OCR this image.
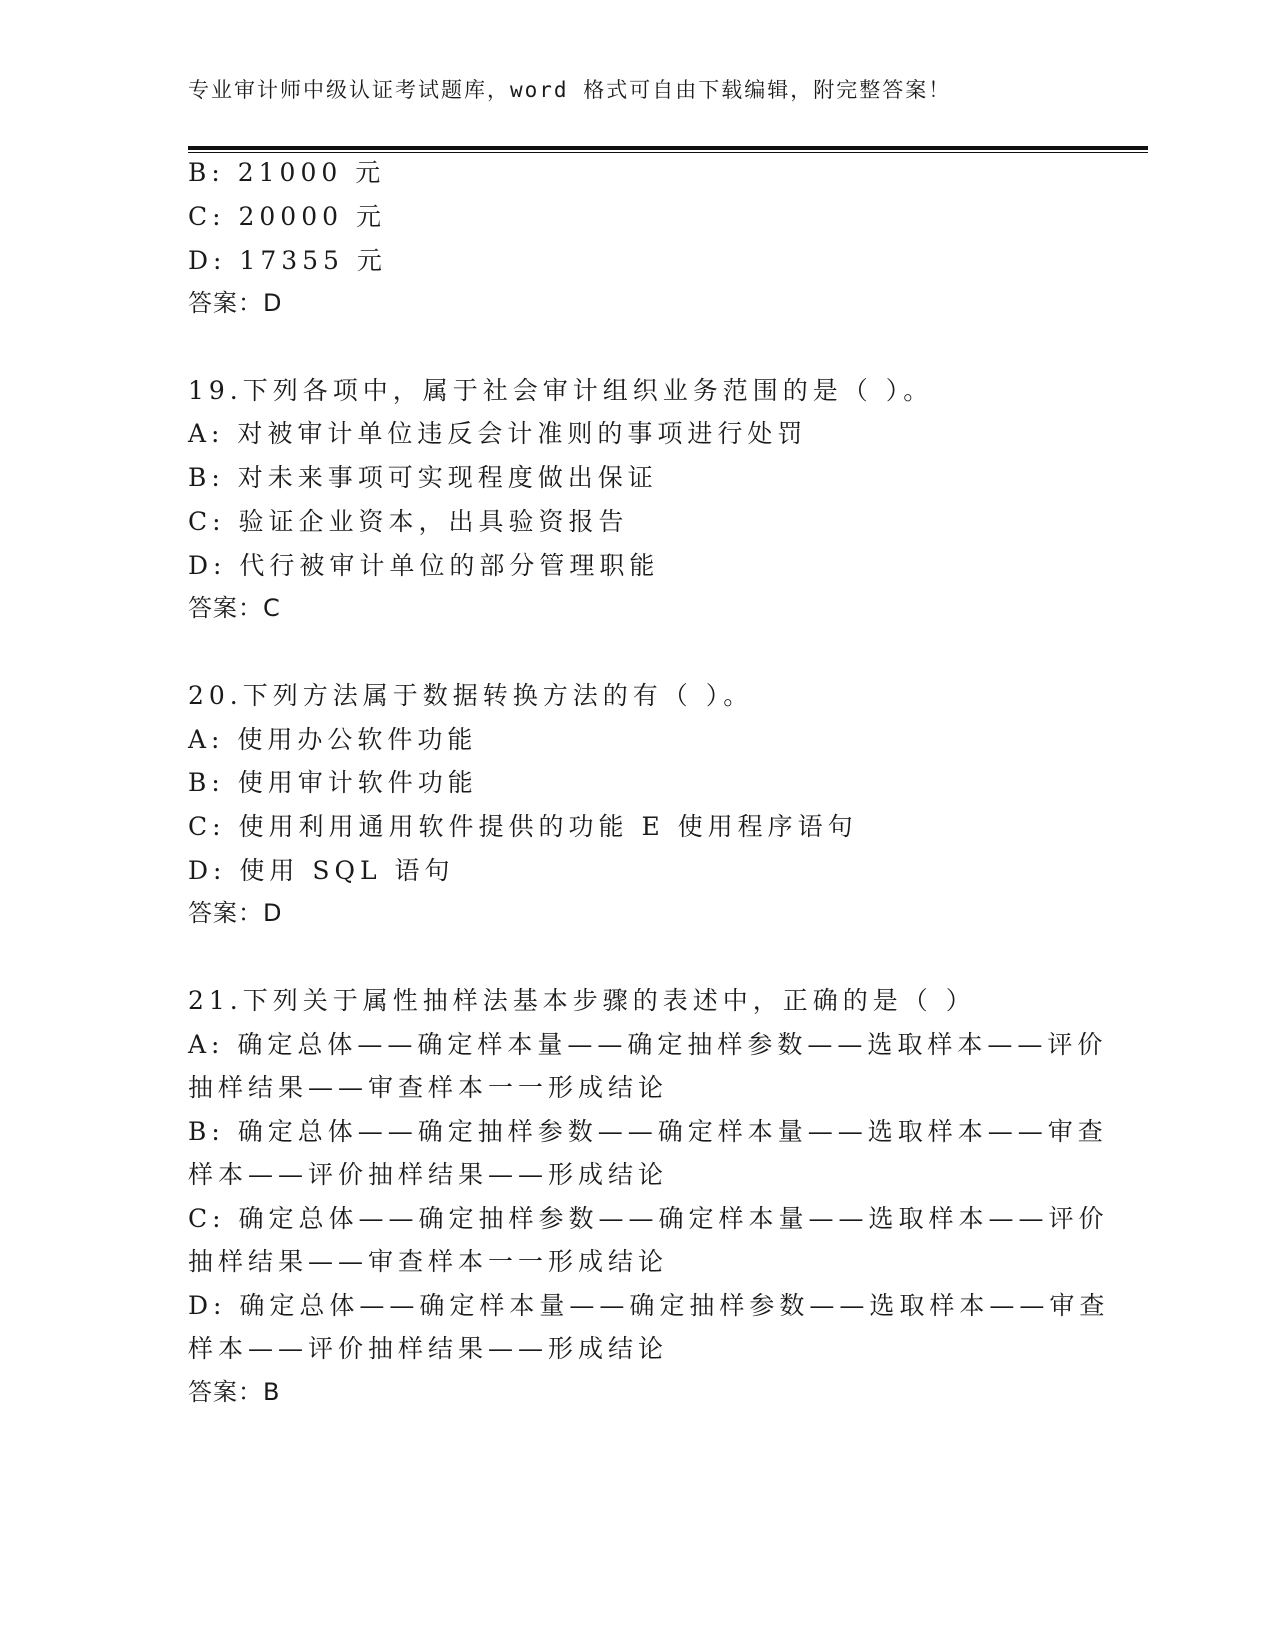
专业审计师中级认证考试题库，word 格式可自由下载编辑，附完整答案！
B: 21000 元
C: 20000 元
D: 17355 元
答案：D
19.下列各项中，属于社会审计组织业务范围的是（ ）。
A: 对被审计单位违反会计准则的事项进行处罚
B: 对未来事项可实现程度做出保证
C: 验证企业资本，出具验资报告
D: 代行被审计单位的部分管理职能
答案：C
20.下列方法属于数据转换方法的有（ ）。
A: 使用办公软件功能
B: 使用审计软件功能
C: 使用利用通用软件提供的功能 E 使用程序语句
D: 使用 SQL 语句
答案：D
21.下列关于属性抽样法基本步骤的表述中，正确的是（ ）
A: 确定总体——确定样本量——确定抽样参数——选取样本——评价
抽样结果——审查样本一一形成结论
B: 确定总体——确定抽样参数——确定样本量——选取样本——审查
样本——评价抽样结果——形成结论
C: 确定总体——确定抽样参数——确定样本量——选取样本——评价
抽样结果——审查样本一一形成结论
D: 确定总体——确定样本量——确定抽样参数——选取样本——审查
样本——评价抽样结果——形成结论
答案：B
